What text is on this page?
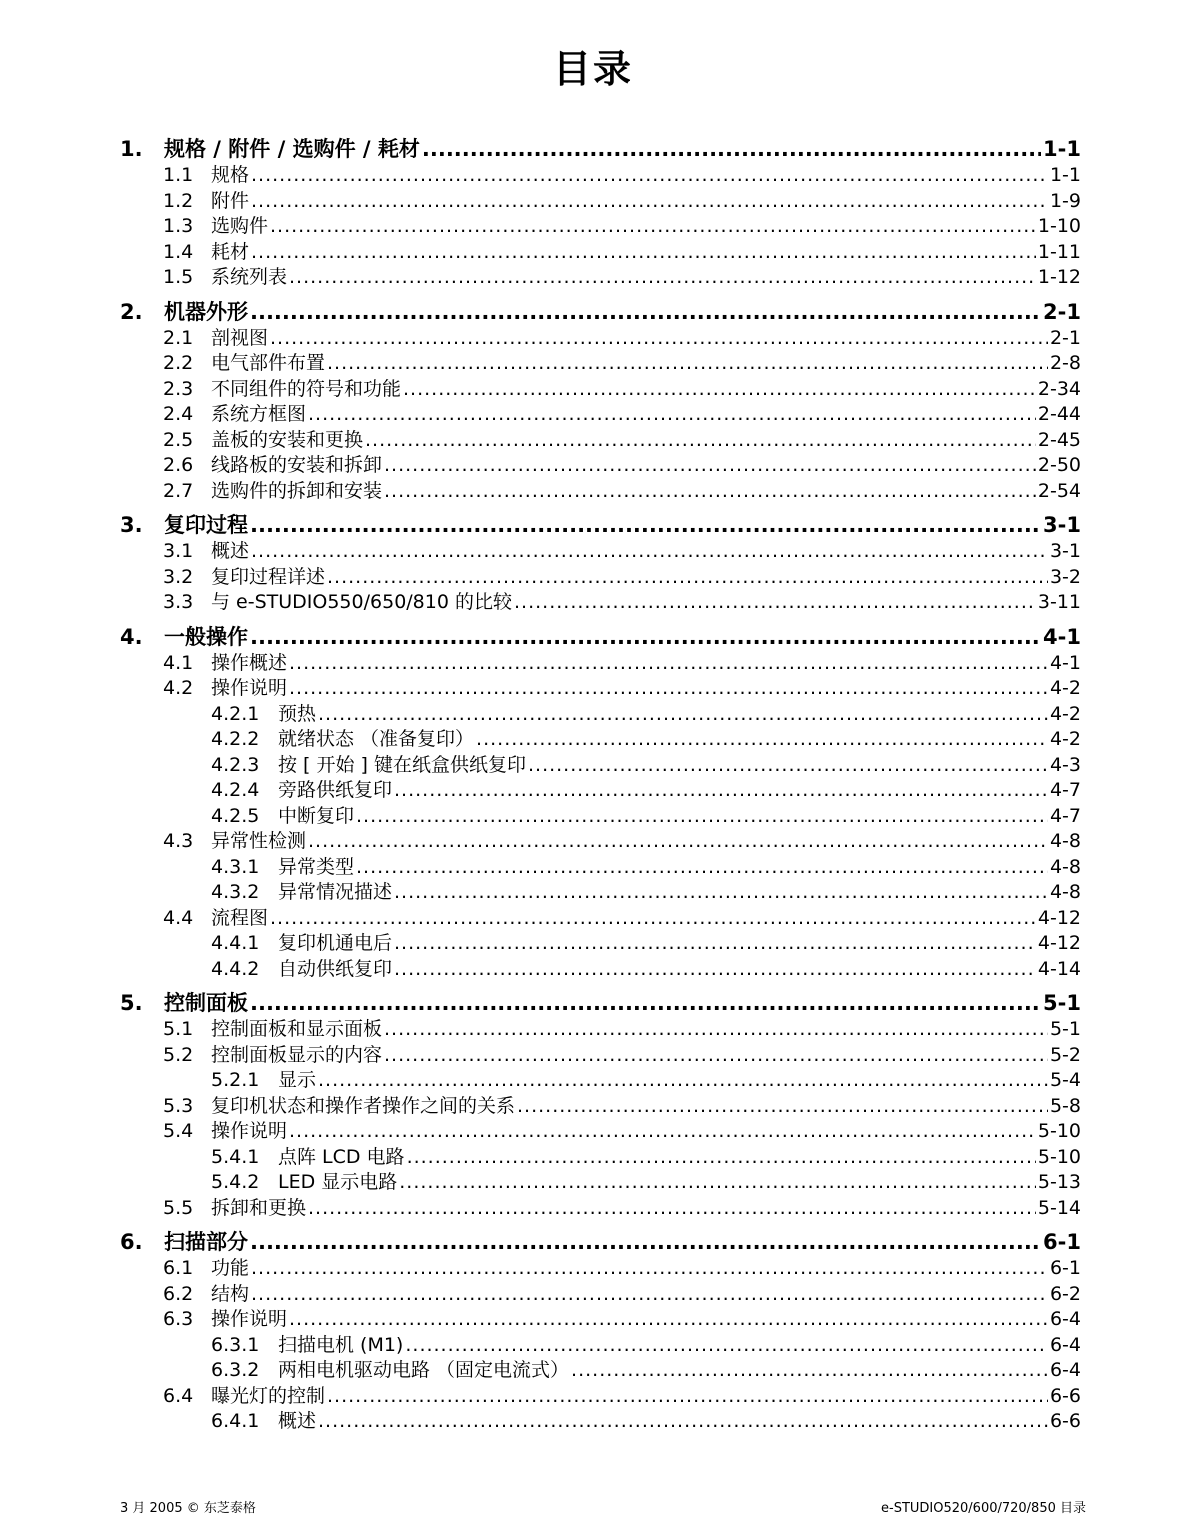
目录
1.	规格 / 附件 / 选购件 / 耗材 .....	1-1
1.1 规格 .....	1-1
1.2 附件 .....	1-9
1.3 选购件 .....	1-10
1.4 耗材 .....	1-11
1.5 系统列表 .....	1-12
2.	机器外形 .....	2-1
2.1 剖视图 .....	2-1
2.2 电气部件布置 .....	2-8
2.3 不同组件的符号和功能 .....	2-34
2.4 系统方框图 .....	2-44
2.5 盖板的安装和更换 .....	2-45
2.6 线路板的安装和拆卸 .....	2-50
2.7 选购件的拆卸和安装 .....	2-54
3.	复印过程 .....	3-1
3.1 概述 .....	3-1
3.2 复印过程详述 .....	3-2
3.3 与 e-STUDIO550/650/810 的比较 .....	3-11
4.	一般操作 .....	4-1
4.1 操作概述 .....	4-1
4.2 操作说明 .....	4-2
4.2.1 预热 .....	4-2
4.2.2 就绪状态 （准备复印） .....	4-2
4.2.3 按 [ 开始 ] 键在纸盒供纸复印 .....	4-3
4.2.4 旁路供纸复印 .....	4-7
4.2.5 中断复印 .....	4-7
4.3 异常性检测 .....	4-8
4.3.1 异常类型 .....	4-8
4.3.2 异常情况描述 .....	4-8
4.4 流程图 .....	4-12
4.4.1 复印机通电后 .....	4-12
4.4.2 自动供纸复印 .....	4-14
5.	控制面板 .....	5-1
5.1 控制面板和显示面板 .....	5-1
5.2 控制面板显示的内容 .....	5-2
5.2.1 显示 .....	5-4
5.3 复印机状态和操作者操作之间的关系 .....	5-8
5.4 操作说明 .....	5-10
5.4.1 点阵 LCD 电路 .....	5-10
5.4.2 LED 显示电路 .....	5-13
5.5 拆卸和更换 .....	5-14
6.	扫描部分 .....	6-1
6.1 功能 .....	6-1
6.2 结构 .....	6-2
6.3 操作说明 .....	6-4
6.3.1 扫描电机 (M1) .....	6-4
6.3.2 两相电机驱动电路 （固定电流式） .....	6-4
6.4 曝光灯的控制 .....	6-6
6.4.1 概述 .....	6-6
3 月 2005 © 东芝泰格	e-STUDIO520/600/720/850 目录
